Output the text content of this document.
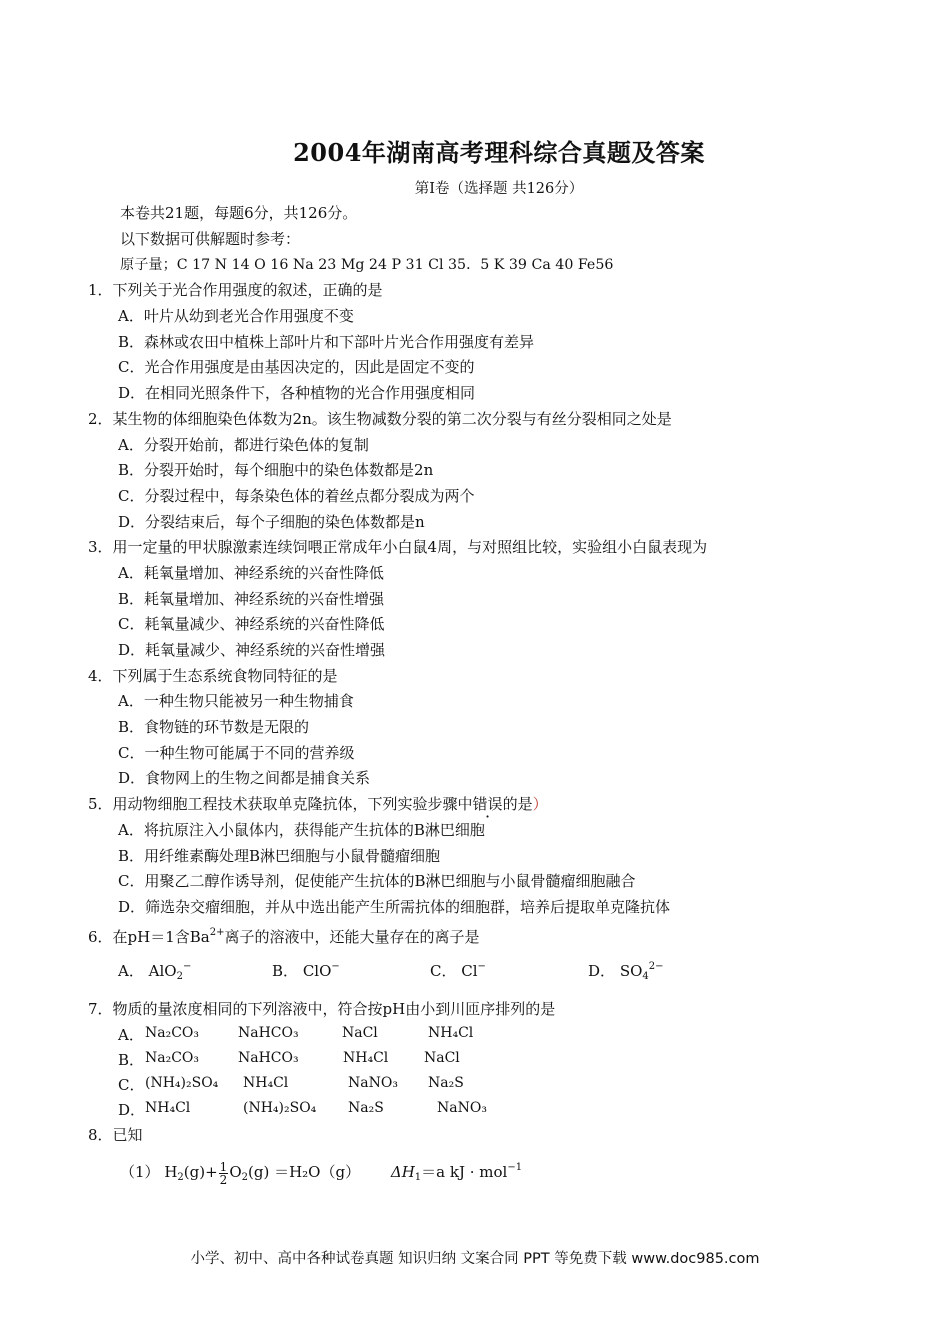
2004年湖南高考理科综合真题及答案
第Ⅰ卷（选择题 共126分）
本卷共21题，每题6分，共126分。
以下数据可供解题时参考：
原子量；C 17 N 14 O 16 Na 23 Mg 24 P 31 Cl 35．5 K 39 Ca 40 Fe56
1．下列关于光合作用强度的叙述，正确的是
A．叶片从幼到老光合作用强度不变
B．森林或农田中植株上部叶片和下部叶片光合作用强度有差异
C．光合作用强度是由基因决定的，因此是固定不变的
D．在相同光照条件下，各种植物的光合作用强度相同
2．某生物的体细胞染色体数为2n。该生物减数分裂的第二次分裂与有丝分裂相同之处是
A．分裂开始前，都进行染色体的复制
B．分裂开始时，每个细胞中的染色体数都是2n
C．分裂过程中，每条染色体的着丝点都分裂成为两个
D．分裂结束后，每个子细胞的染色体数都是n
3．用一定量的甲状腺激素连续饲喂正常成年小白鼠4周，与对照组比较，实验组小白鼠表现为
A．耗氧量增加、神经系统的兴奋性降低
B．耗氧量增加、神经系统的兴奋性增强
C．耗氧量减少、神经系统的兴奋性降低
D．耗氧量减少、神经系统的兴奋性增强
4．下列属于生态系统食物同特征的是
A．一种生物只能被另一种生物捕食
B．食物链的环节数是无限的
C．一种生物可能属于不同的营养级
D．食物网上的生物之间都是捕食关系
5．用动物细胞工程技术获取单克隆抗体，下列实验步骤中错误的是）
A．将抗原注入小鼠体内，获得能产生抗体的B淋巴细胞
B．用纤维素酶处理B淋巴细胞与小鼠骨髓瘤细胞
C．用聚乙二醇作诱导剂，促使能产生抗体的B淋巴细胞与小鼠骨髓瘤细胞融合
D．筛选杂交瘤细胞，并从中选出能产生所需抗体的细胞群，培养后提取单克隆抗体
6．在pH＝1含$Ba^{2+}$离子的溶液中，还能大量存在的离子是
A． AlO$_2$−	B． ClO−	C． Cl−	D． $SO_4^{2-}$
7．物质的量浓度相同的下列溶液中，符合按pH由小到川匝序排列的是
A． Na₂CO₃	NaHCO₃	NaCl	NH₄Cl
B． Na₂CO₃	NaHCO₃	NH₄Cl	NaCl
C． (NH₄)₂SO₄ NH₄Cl	NaNO₃ Na₂S
D． NH₄Cl	(NH₄)₂SO₄ Na₂S	NaNO₃
8．已知
（1） $H_2(g)+ \frac{1}{2} O_2(g) =H_2O(g)$ $\Delta H_1=a$ kJ · mol$^{-1}$
小学、初中、高中各种试卷真题 知识归纳 文案合同 PPT 等免费下载 www.doc985.com
